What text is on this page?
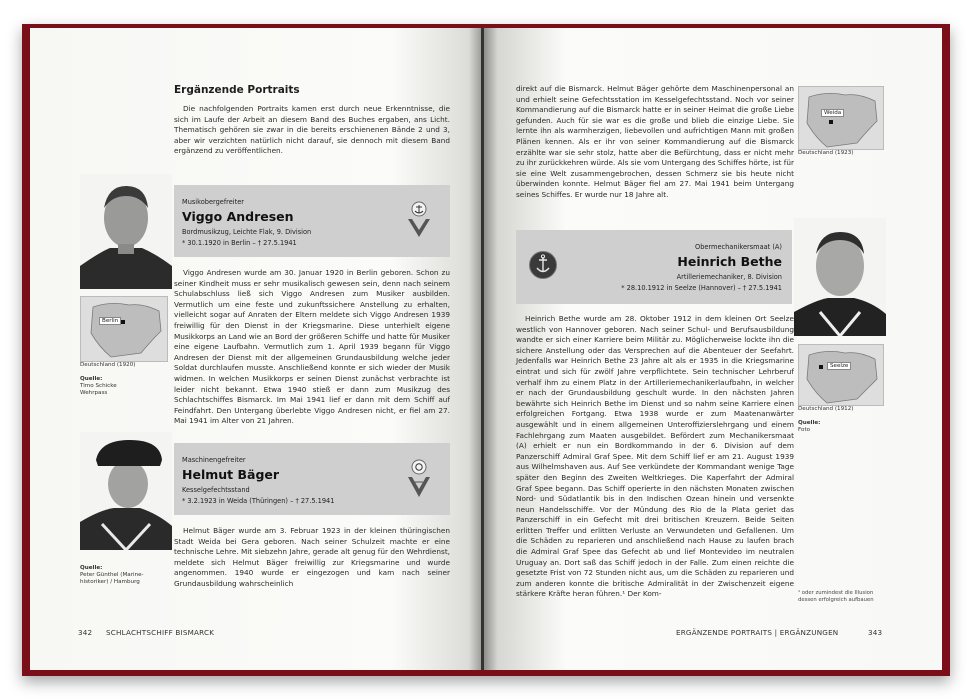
Ergänzende Portraits

Die nachfolgenden Portraits kamen erst durch neue Erkenntnisse, die sich im Laufe der Arbeit an diesem Band des Buches ergaben, ans Licht. Thematisch gehören sie zwar in die bereits erschienenen Bände 2 und 3, aber wir verzichten natürlich nicht darauf, sie dennoch mit diesem Band ergänzend zu veröffentlichen.

Musikobergefreiter
Viggo Andresen
Bordmusikzug, Leichte Flak, 9. Division
* 30.1.1920 in Berlin – † 27.5.1941
Berlin
Deutschland (1920)
Quelle:
Timo Schicke
Wehrpass

Viggo Andresen wurde am 30. Januar 1920 in Berlin geboren. Schon zu seiner Kindheit muss er sehr musikalisch gewesen sein, denn nach seinem Schulabschluss ließ sich Viggo Andresen zum Musiker ausbilden. Vermutlich um eine feste und zukunftssichere Anstellung zu erhalten, vielleicht sogar auf Anraten der Eltern meldete sich Viggo Andresen 1939 freiwillig für den Dienst in der Kriegsmarine. Diese unterhielt eigene Musikkorps an Land wie an Bord der größeren Schiffe und hatte für Musiker eine eigene Laufbahn. Vermutlich zum 1. April 1939 begann für Viggo Andresen der Dienst mit der allgemeinen Grundausbildung welche jeder Soldat durchlaufen musste. Anschließend konnte er sich wieder der Musik widmen. In welchen Musikkorps er seinen Dienst zunächst verbrachte ist leider nicht bekannt. Etwa 1940 stieß er dann zum Musikzug des Schlachtschiffes Bismarck. Im Mai 1941 lief er dann mit dem Schiff auf Feindfahrt. Den Untergang überlebte Viggo Andresen nicht, er fiel am 27. Mai 1941 im Alter von 21 Jahren.

Maschinengefreiter
Helmut Bäger
Kesselgefechtsstand
* 3.2.1923 in Weida (Thüringen) – † 27.5.1941
Quelle:
Peter Günthel (Marine-
historiker) / Hamburg

Helmut Bäger wurde am 3. Februar 1923 in der kleinen thüringischen Stadt Weida bei Gera geboren. Nach seiner Schulzeit machte er eine technische Lehre. Mit siebzehn Jahre, gerade alt genug für den Wehrdienst, meldete sich Helmut Bäger freiwillig zur Kriegsmarine und wurde angenommen. 1940 wurde er eingezogen und kam nach seiner Grundausbildung wahrscheinlich

342 SCHLACHTSCHIFF BISMARCK

direkt auf die Bismarck. Helmut Bäger gehörte dem Maschinenpersonal an und erhielt seine Gefechtsstation im Kesselgefechtsstand. Noch vor seiner Kommandierung auf die Bismarck hatte er in seiner Heimat die große Liebe gefunden. Auch für sie war es die große und blieb die einzige Liebe. Sie lernte ihn als warmherzigen, liebevollen und aufrichtigen Mann mit großen Plänen kennen. Als er ihr von seiner Kommandierung auf die Bismarck erzählte war sie sehr stolz, hatte aber die Befürchtung, dass er nicht mehr zu ihr zurückkehren würde. Als sie vom Untergang des Schiffes hörte, ist für sie eine Welt zusammengebrochen, dessen Schmerz sie bis heute nicht überwinden konnte. Helmut Bäger fiel am 27. Mai 1941 beim Untergang seines Schiffes. Er wurde nur 18 Jahre alt.

Weida
Deutschland (1923)
Obermechanikersmaat (A)
Heinrich Bethe
Artilleriemechaniker, 8. Division
* 28.10.1912 in Seelze (Hannover) – † 27.5.1941
Seelze
Deutschland (1912)
Quelle:
Foto

Heinrich Bethe wurde am 28. Oktober 1912 in dem kleinen Ort Seelze westlich von Hannover geboren. Nach seiner Schul- und Berufsausbildung wandte er sich einer Karriere beim Militär zu. Möglicherweise lockte ihn die sichere Anstellung oder das Versprechen auf die Abenteuer der Seefahrt. Jedenfalls war Heinrich Bethe 23 Jahre alt als er 1935 in die Kriegsmarine eintrat und sich für zwölf Jahre verpflichtete. Sein technischer Lehrberuf verhalf ihm zu einem Platz in der Artilleriemechanikerlaufbahn, in welcher er nach der Grundausbildung geschult wurde. In den nächsten Jahren bewährte sich Heinrich Bethe im Dienst und so nahm seine Karriere einen erfolgreichen Fortgang. Etwa 1938 wurde er zum Maatenanwärter ausgewählt und in einem allgemeinen Unteroffizierslehrgang und einem Fachlehrgang zum Maaten ausgebildet. Befördert zum Mechanikersmaat (A) erhielt er nun ein Bordkommando in der 6. Division auf dem Panzerschiff Admiral Graf Spee. Mit dem Schiff lief er am 21. August 1939 aus Wilhelmshaven aus. Auf See verkündete der Kommandant wenige Tage später den Beginn des Zweiten Weltkrieges. Die Kaperfahrt der Admiral Graf Spee begann. Das Schiff operierte in den nächsten Monaten zwischen Nord- und Südatlantik bis in den Indischen Ozean hinein und versenkte neun Handelsschiffe. Vor der Mündung des Rio de la Plata geriet das Panzerschiff in ein Gefecht mit drei britischen Kreuzern. Beide Seiten erlitten Treffer und erlitten Verluste an Verwundeten und Gefallenen. Um die Schäden zu reparieren und anschließend nach Hause zu laufen brach die Admiral Graf Spee das Gefecht ab und lief Montevideo im neutralen Uruguay an. Dort saß das Schiff jedoch in der Falle. Zum einen reichte die gesetzte Frist von 72 Stunden nicht aus, um die Schäden zu reparieren und zum anderen konnte die britische Admiralität in der Zwischenzeit eigene stärkere Kräfte heran führen.¹ Der Kom-	¹ oder zumindest die Illusion dessen erfolgreich aufbauen
ERGÄNZENDE PORTRAITS | ERGÄNZUNGEN	343
